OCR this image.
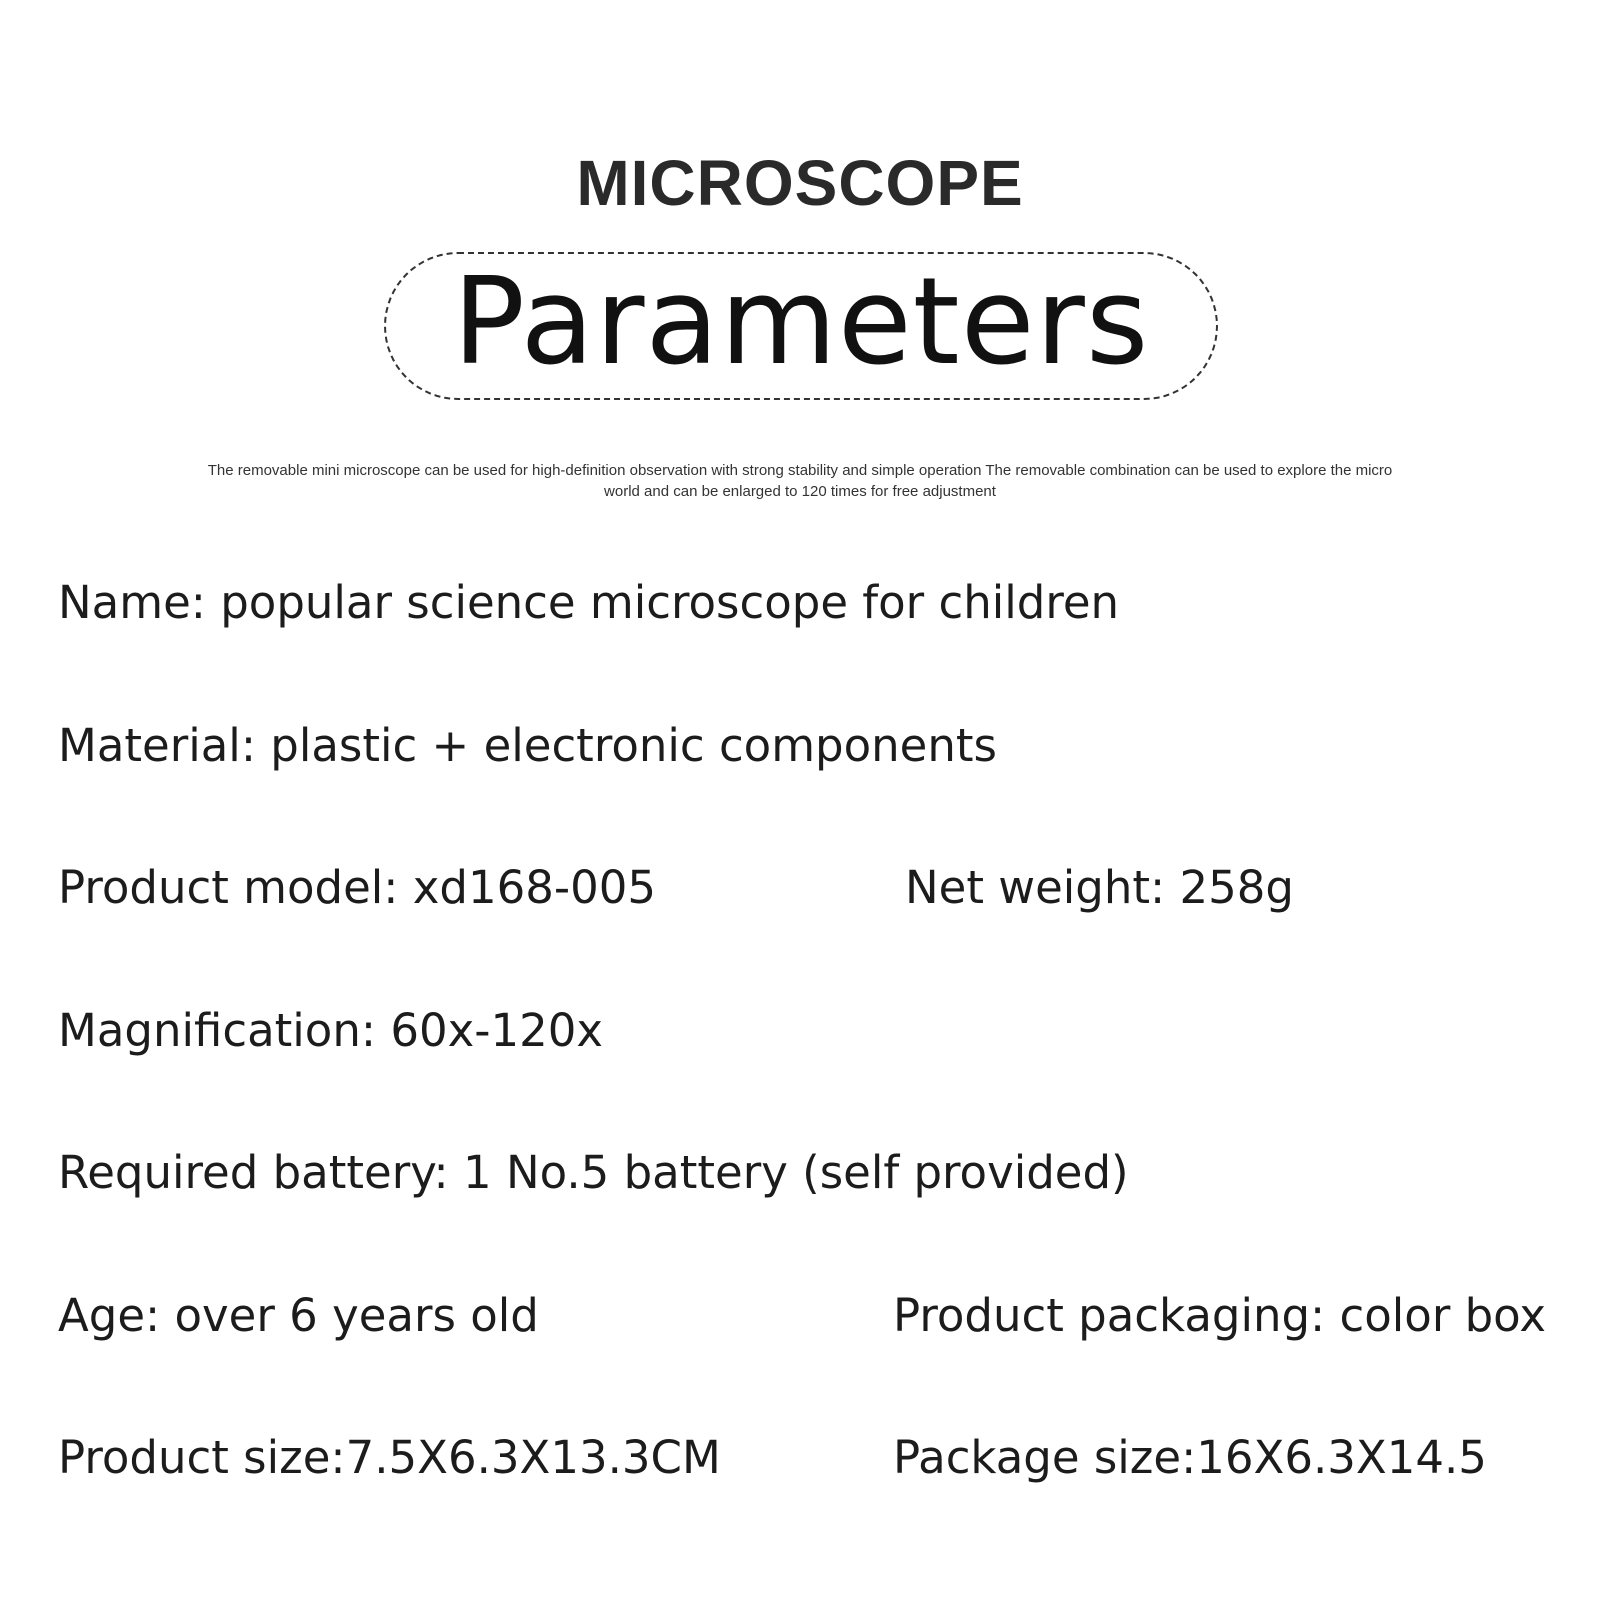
MICROSCOPE
Parameters
The removable mini microscope can be used for high-definition observation with strong stability and simple operation The removable combination can be used to explore the micro world and can be enlarged to 120 times for free adjustment
Name: popular science microscope for children
Material: plastic + electronic components
Product model: xd168-005	Net weight: 258g
Magnification: 60x-120x
Required battery: 1 No.5 battery (self provided)
Age: over 6 years old	Product packaging: color box
Product size:7.5X6.3X13.3CM	Package size:16X6.3X14.5
